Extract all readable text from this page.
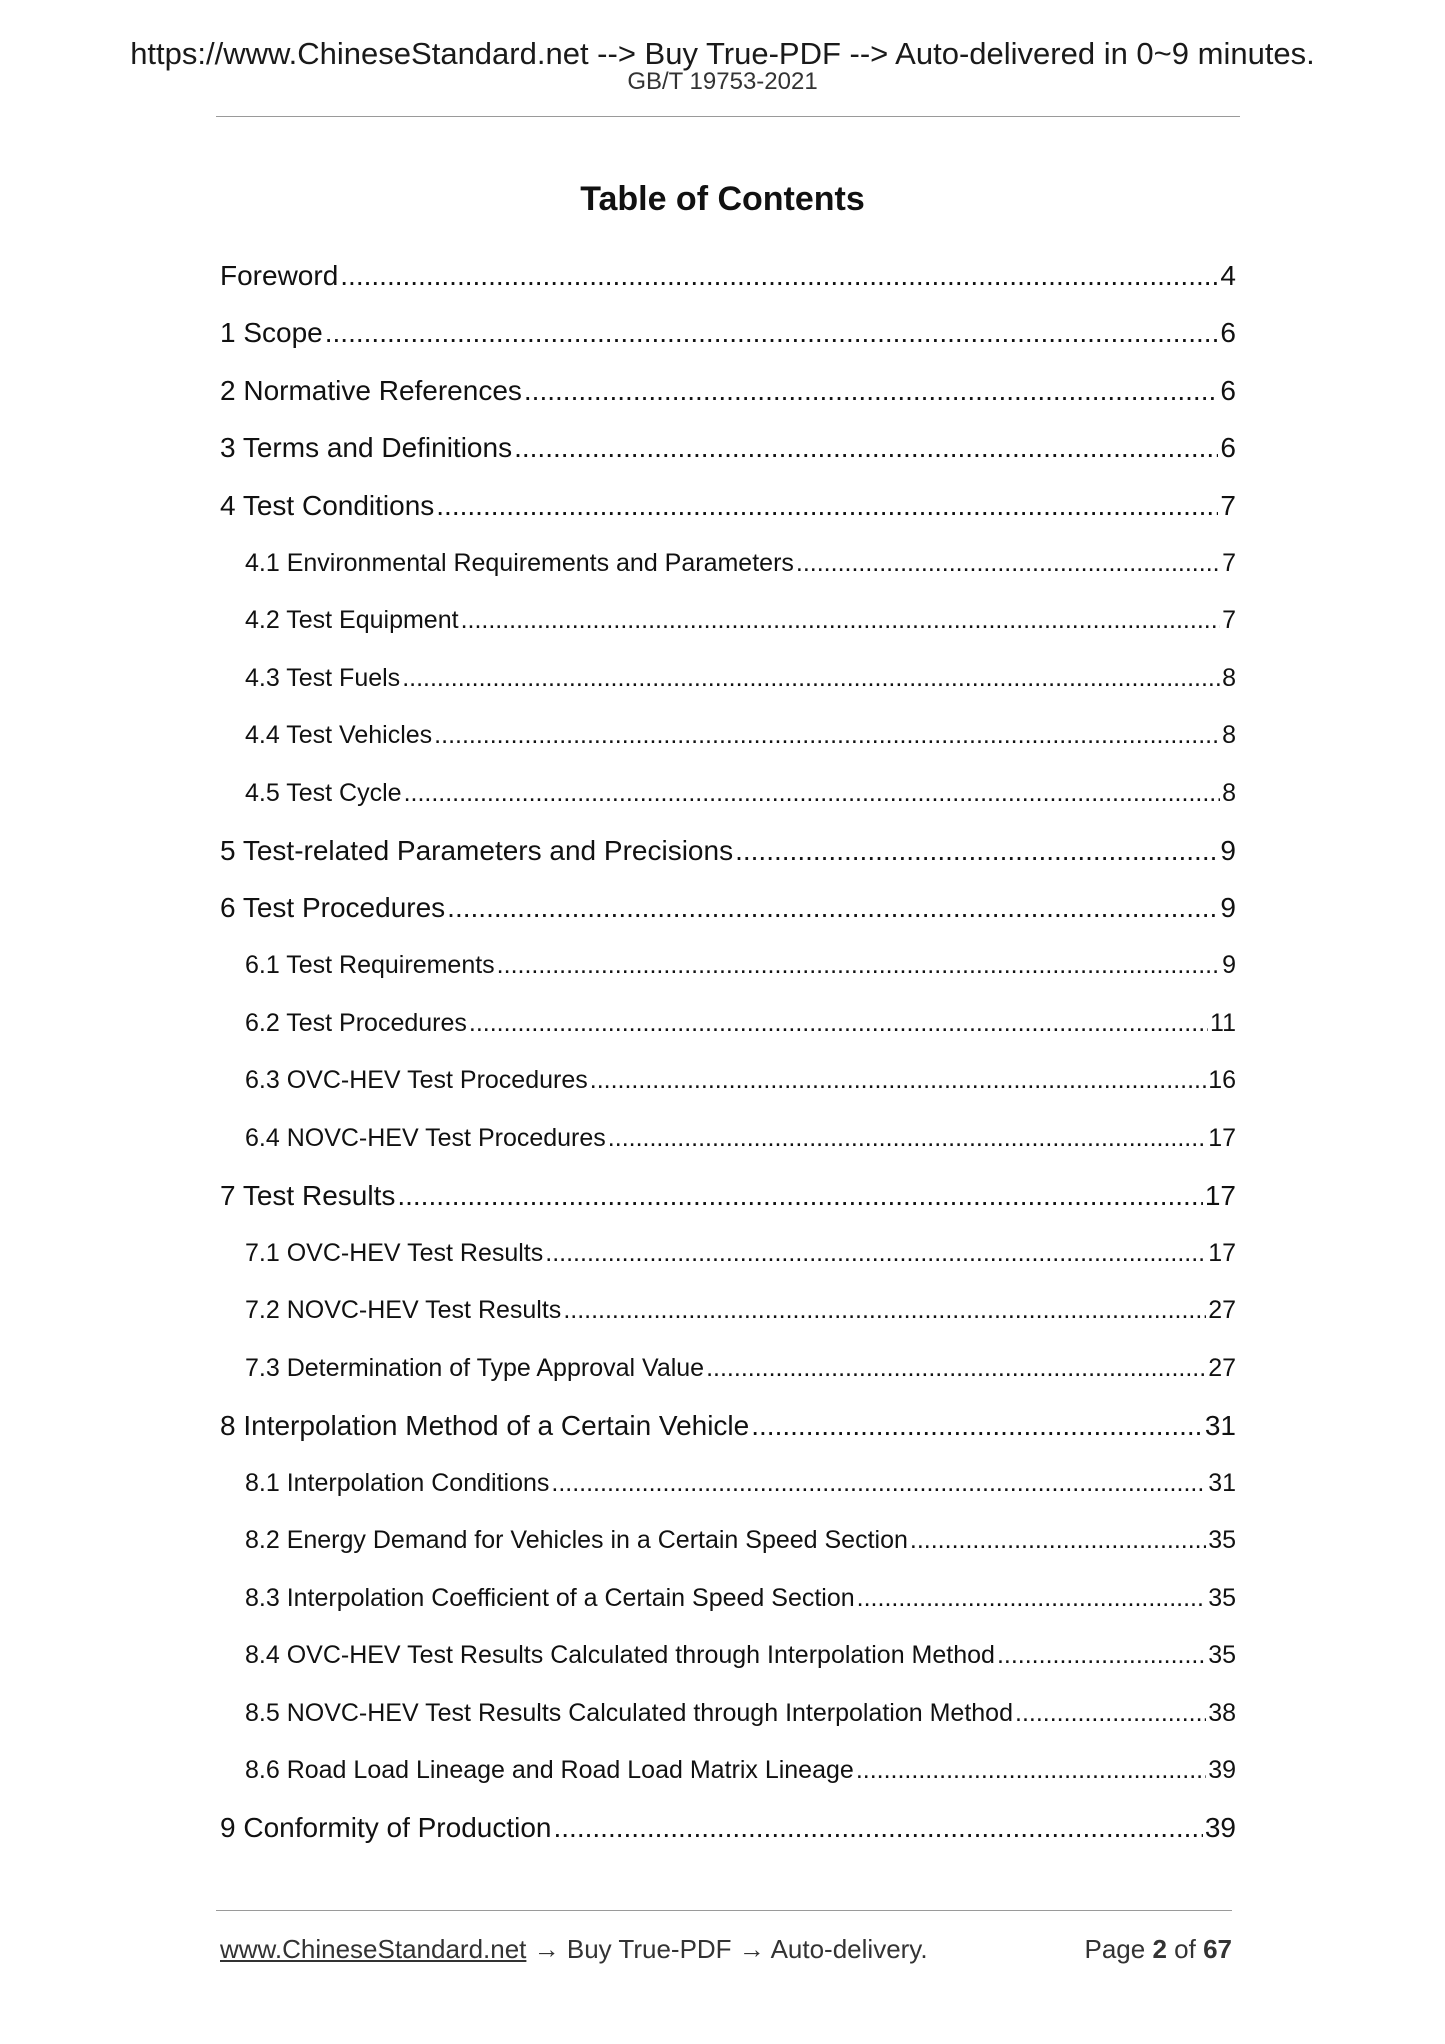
https://www.ChineseStandard.net --> Buy True-PDF --> Auto-delivered in 0~9 minutes.
GB/T 19753-2021
Table of Contents
Foreword .....	4
1 Scope .....	6
2 Normative References .....	6
3 Terms and Definitions .....	6
4 Test Conditions .....	7
4.1 Environmental Requirements and Parameters .....	7
4.2 Test Equipment .....	7
4.3 Test Fuels .....	8
4.4 Test Vehicles .....	8
4.5 Test Cycle .....	8
5 Test-related Parameters and Precisions .....	9
6 Test Procedures .....	9
6.1 Test Requirements .....	9
6.2 Test Procedures .....	11
6.3 OVC-HEV Test Procedures .....	16
6.4 NOVC-HEV Test Procedures .....	17
7 Test Results .....	17
7.1 OVC-HEV Test Results .....	17
7.2 NOVC-HEV Test Results .....	27
7.3 Determination of Type Approval Value .....	27
8 Interpolation Method of a Certain Vehicle .....	31
8.1 Interpolation Conditions .....	31
8.2 Energy Demand for Vehicles in a Certain Speed Section .....	35
8.3 Interpolation Coefficient of a Certain Speed Section .....	35
8.4 OVC-HEV Test Results Calculated through Interpolation Method .....	35
8.5 NOVC-HEV Test Results Calculated through Interpolation Method .....	38
8.6 Road Load Lineage and Road Load Matrix Lineage .....	39
9 Conformity of Production .....	39
www.ChineseStandard.net → Buy True-PDF → Auto-delivery.	Page 2 of 67
